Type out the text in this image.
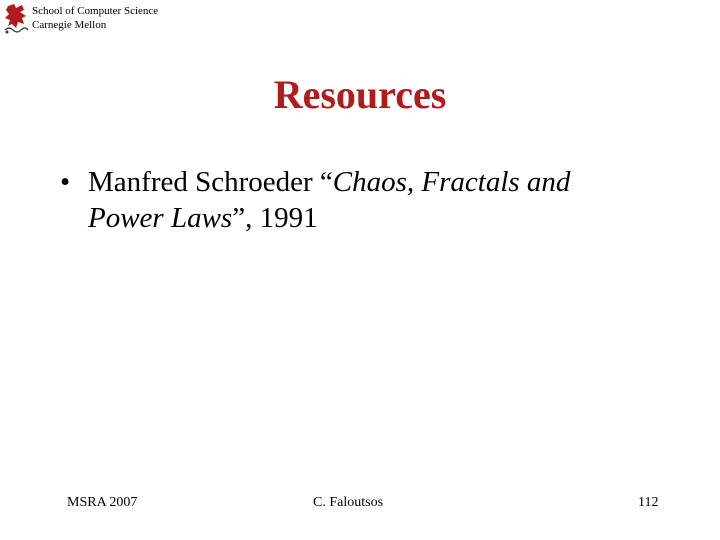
School of Computer Science
Carnegie Mellon
Resources
• Manfred Schroeder “Chaos, Fractals and
Power Laws”, 1991
MSRA 2007	C. Faloutsos	112
